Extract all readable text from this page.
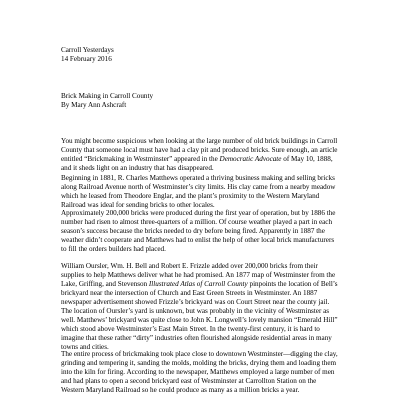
Carroll Yesterdays
14 February 2016
Brick Making in Carroll County
By Mary Ann Ashcraft
You might become suspicious when looking at the large number of old brick buildings in Carroll
County that someone local must have had a clay pit and produced bricks. Sure enough, an article
entitled “Brickmaking in Westminster” appeared in the Democratic Advocate of May 10, 1888,
and it sheds light on an industry that has disappeared.
Beginning in 1881, R. Charles Matthews operated a thriving business making and selling bricks
along Railroad Avenue north of Westminster’s city limits. His clay came from a nearby meadow
which he leased from Theodore Englar, and the plant’s proximity to the Western Maryland
Railroad was ideal for sending bricks to other locales.
Approximately 200,000 bricks were produced during the first year of operation, but by 1886 the
number had risen to almost three-quarters of a million. Of course weather played a part in each
season’s success because the bricks needed to dry before being fired. Apparently in 1887 the
weather didn’t cooperate and Matthews had to enlist the help of other local brick manufacturers
to fill the orders builders had placed.
William Oursler, Wm. H. Bell and Robert E. Frizzle added over 200,000 bricks from their
supplies to help Matthews deliver what he had promised. An 1877 map of Westminster from the
Lake, Griffing, and Stevenson Illustrated Atlas of Carroll County pinpoints the location of Bell’s
brickyard near the intersection of Church and East Green Streets in Westminster. An 1887
newspaper advertisement showed Frizzle’s brickyard was on Court Street near the county jail.
The location of Oursler’s yard is unknown, but was probably in the vicinity of Westminster as
well. Matthews’ brickyard was quite close to John K. Longwell’s lovely mansion “Emerald Hill”
which stood above Westminster’s East Main Street. In the twenty-first century, it is hard to
imagine that these rather “dirty” industries often flourished alongside residential areas in many
towns and cities.
The entire process of brickmaking took place close to downtown Westminster—digging the clay,
grinding and tempering it, sanding the molds, molding the bricks, drying them and loading them
into the kiln for firing. According to the newspaper, Matthews employed a large number of men
and had plans to open a second brickyard east of Westminster at Carrollton Station on the
Western Maryland Railroad so he could produce as many as a million bricks a year.
